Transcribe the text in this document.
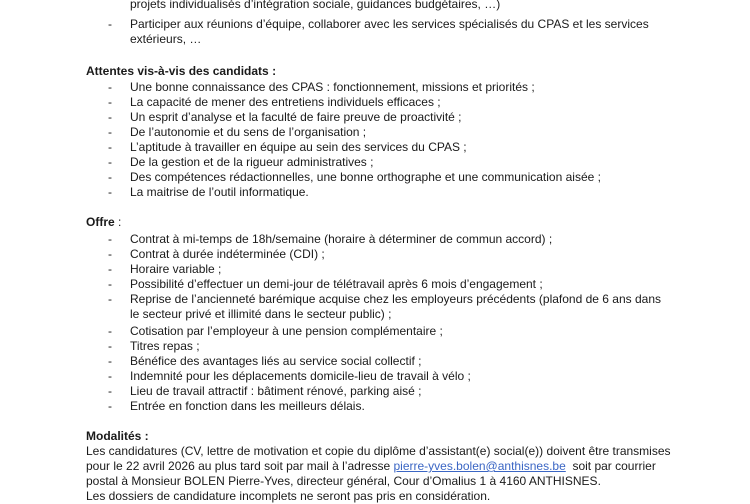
projets individualisés d’intégration sociale, guidances budgétaires, …)
- Participer aux réunions d’équipe, collaborer avec les services spécialisés du CPAS et les services
extérieurs, …
Attentes vis-à-vis des candidats :
- Une bonne connaissance des CPAS : fonctionnement, missions et priorités ;
- La capacité de mener des entretiens individuels efficaces ;
- Un esprit d’analyse et la faculté de faire preuve de proactivité ;
- De l’autonomie et du sens de l’organisation ;
- L’aptitude à travailler en équipe au sein des services du CPAS ;
- De la gestion et de la rigueur administratives ;
- Des compétences rédactionnelles, une bonne orthographe et une communication aisée ;
- La maitrise de l’outil informatique.
Offre :
- Contrat à mi-temps de 18h/semaine (horaire à déterminer de commun accord) ;
- Contrat à durée indéterminée (CDI) ;
- Horaire variable ;
- Possibilité d’effectuer un demi-jour de télétravail après 6 mois d’engagement ;
- Reprise de l’ancienneté barémique acquise chez les employeurs précédents (plafond de 6 ans dans
le secteur privé et illimité dans le secteur public) ;
- Cotisation par l’employeur à une pension complémentaire ;
- Titres repas ;
- Bénéfice des avantages liés au service social collectif ;
- Indemnité pour les déplacements domicile-lieu de travail à vélo ;
- Lieu de travail attractif : bâtiment rénové, parking aisé ;
- Entrée en fonction dans les meilleurs délais.
Modalités :
Les candidatures (CV, lettre de motivation et copie du diplôme d’assistant(e) social(e)) doivent être transmises
pour le 22 avril 2026 au plus tard soit par mail à l’adresse pierre-yves.bolen@anthisnes.be  soit par courrier
postal à Monsieur BOLEN Pierre-Yves, directeur général, Cour d’Omalius 1 à 4160 ANTHISNES.
Les dossiers de candidature incomplets ne seront pas pris en considération.
